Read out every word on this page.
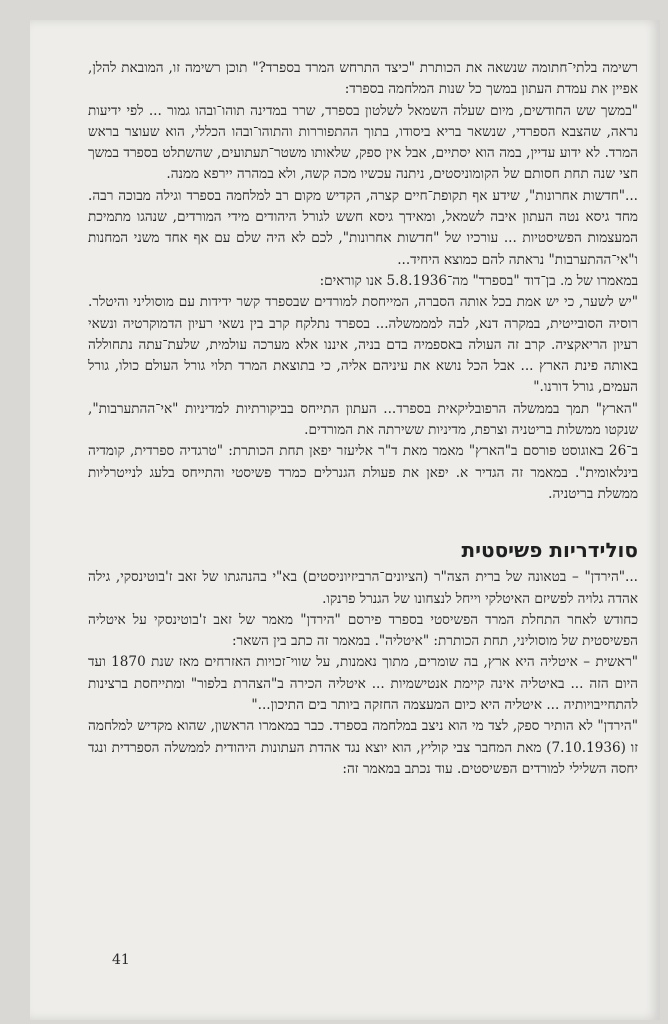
רשימה בלתי־חתומה שנשאה את הכותרת "כיצד התרחש המרד בספרד?" תוכן רשימה זו, המובאת להלן, אפיין את עמדת העתון במשך כל שנות המלחמה בספרד:

"במשך שש החודשים, מיום שעלה השמאל לשלטון בספרד, שרר במדינה תוהו־ובהו גמור ... לפי ידיעות נראה, שהצבא הספרדי, שנשאר בריא ביסודו, בתוך ההתפוררות והתוהו־ובהו הכללי, הוא שעוצר בראש המרד. לא ידוע עדיין, במה הוא יסתיים, אבל אין ספק, שלאותו משטר־תעתועים, שהשתלט בספרד במשך חצי שנה תחת חסותם של הקומוניסטים, ניתנה עכשיו מכה קשה, ולא במהרה יירפא ממנה.

..."חדשות אחרונות", שידע אף תקופת־חיים קצרה, הקדיש מקום רב למלחמה בספרד וגילה מבוכה רבה. מחד גיסא נטה העתון איבה לשמאל, ומאידך גיסא חשש לגורל היהודים מידי המורדים, שנהגו מתמיכת המעצמות הפשיסטיות ... עורכיו של "חדשות אחרונות", לכם לא היה שלם עם אף אחד משני המחנות ו"אי־ההתערבות" נראתה להם כמוצא היחיד...

במאמרו של מ. בן־דוד "בספרד" מה־5.8.1936 אנו קוראים:

"יש לשער, כי יש אמת בכל אותה הסברה, המייחסת למורדים שבספרד קשר ידידות עם מוסוליני והיטלר. רוסיה הסובייטית, במקרה דנא, לבה למממשלה... בספרד נתלקח קרב בין נשאי רעיון הדמוקרטיה ונשאי רעיון הריאקציה. קרב זה העולה באספמיה בדם בניה, איננו אלא מערכה עולמית, שלעת־עתה נתחוללה באותה פינת הארץ ... אבל הכל נושא את עיניהם אליה, כי בתוצאת המרד תלוי גורל העולם כולו, גורל העמים, גורל דורנו."

"הארץ" תמך בממשלה הרפובליקאית בספרד... העתון התייחס בביקורתיות למדיניות "אי־ההתערבות", שנקטו ממשלות בריטניה וצרפת, מדיניות ששירתה את המורדים.

ב־26 באוגוסט פורסם ב"הארץ" מאמר מאת ד"ר אליעזר יפאן תחת הכותרת: "טרגדיה ספרדית, קומדיה בינלאומית". במאמר זה הגדיר א. יפאן את פעולת הגנרלים כמרד פשיסטי והתייחס בלעג לנייטרליות ממשלת בריטניה.

סולידריות פשיסטית

..."הירדן" – בטאונה של ברית הצה"ר (הציונים־הרביזיוניסטים) בא"י בהנהגתו של זאב ז'בוטינסקי, גילה אהדה גלויה לפשיזם האיטלקי וייחל לנצחונו של הגנרל פרנקו.

כחודש לאחר התחלת המרד הפשיסטי בספרד פירסם "הירדן" מאמר של זאב ז'בוטינסקי על איטליה הפשיסטית של מוסוליני, תחת הכותרת: "איטליה". במאמר זה כתב בין השאר:

"ראשית – איטליה היא ארץ, בה שומרים, מתוך נאמנות, על שווי־זכויות האזרחים מאז שנת 1870 ועד היום הזה ... באיטליה אינה קיימת אנטישמיות ... איטליה הכירה ב"הצהרת בלפור" ומתייחסת ברצינות להתחייבויותיה ... איטליה היא כיום המעצמה החזקה ביותר בים התיכון..."

"הירדן" לא הותיר ספק, לצד מי הוא ניצב במלחמה בספרד. כבר במאמרו הראשון, שהוא מקדיש למלחמה זו (7.10.1936) מאת המחבר צבי קוליץ, הוא יוצא נגד אהדת העתונות היהודית לממשלה הספרדית ונגד יחסה השלילי למורדים הפשיסטים. עוד נכתב במאמר זה:

41
